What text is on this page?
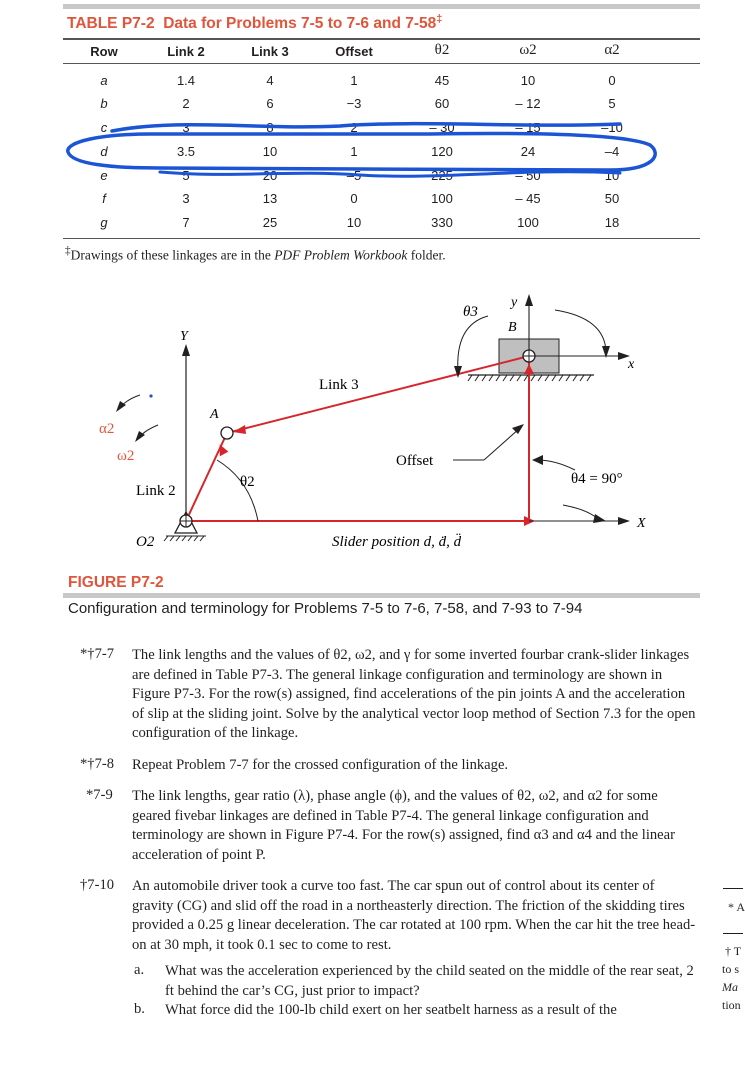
TABLE P7-2 Data for Problems 7-5 to 7-6 and 7-58‡
Row	Link 2	Link 3	Offset	θ2	ω2	α2
a	1.4	4	1	45	10	0
b	2	6	−3	60	– 12	5
c	3	8	2	– 30	– 15	–10
d	3.5	10	1	120	24	–4
e	5	20	–5	225	– 50	10
f	3	13	0	100	– 45	50
g	7	25	10	330	100	18
‡Drawings of these linkages are in the PDF Problem Workbook folder.
θ3
y
B
Y
x
Link 3
A
α2
ω2	Offset
θ2	θ4 = 90°
Link 2
X
O2	Slider position d, ḋ, d̈
FIGURE P7-2
Configuration and terminology for Problems 7-5 to 7-6, 7-58, and 7-93 to 7-94
*†7-7 The link lengths and the values of θ2, ω2, and γ for some inverted fourbar crank-slider linkages are defined in Table P7-3. The general linkage configuration and terminology are shown in Figure P7-3. For the row(s) assigned, find accelerations of the pin joints A and the acceleration of slip at the sliding joint. Solve by the analytical vector loop method of Section 7.3 for the open configuration of the linkage.
*†7-8 Repeat Problem 7-7 for the crossed configuration of the linkage.
*7-9 The link lengths, gear ratio (λ), phase angle (ϕ), and the values of θ2, ω2, and α2 for some geared fivebar linkages are defined in Table P7-4. The general linkage configuration and terminology are shown in Figure P7-4. For the row(s) assigned, find α3 and α4 and the linear acceleration of point P.
†7-10 An automobile driver took a curve too fast. The car spun out of control about its center of gravity (CG) and slid off the road in a northeasterly direction. The friction of the skidding tires provided a 0.25 g linear deceleration. The car rotated at 100 rpm. When the car hit the tree head-on at 30 mph, it took 0.1 sec to come to rest.
a. What was the acceleration experienced by the child seated on the middle of the rear seat, 2 ft behind the car’s CG, just prior to impact?
b. What force did the 100-lb child exert on her seatbelt harness as a result of the
* A
† T
to s
Ma
tion
